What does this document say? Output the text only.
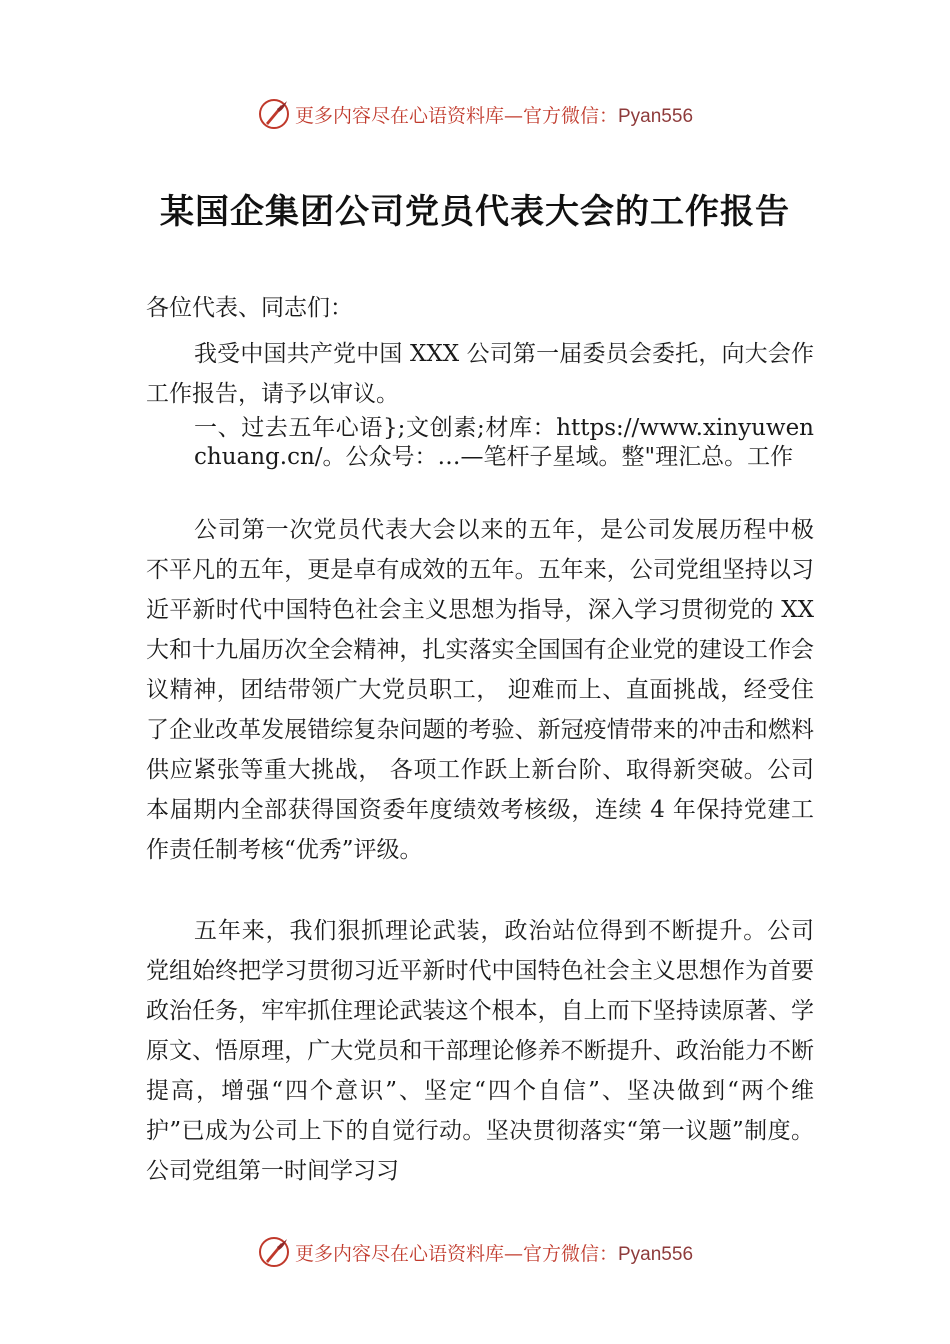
更多内容尽在心语资料库—官方微信：Pyan556
某国企集团公司党员代表大会的工作报告
各位代表、同志们：
我受中国共产党中国 XXX 公司第一届委员会委托，向大会作工作报告，请予以审议。
一、过去五年心语};文创素;材库：https://www.xinyuwenchuang.cn/。公众号：…—笔杆子星域。整"理汇总。工作
公司第一次党员代表大会以来的五年，是公司发展历程中极不平凡的五年，更是卓有成效的五年。五年来，公司党组坚持以习近平新时代中国特色社会主义思想为指导，深入学习贯彻党的 XX 大和十九届历次全会精神，扎实落实全国国有企业党的建设工作会议精神，团结带领广大党员职工， 迎难而上、直面挑战，经受住了企业改革发展错综复杂问题的考验、新冠疫情带来的冲击和燃料供应紧张等重大挑战， 各项工作跃上新台阶、取得新突破。公司本届期内全部获得国资委年度绩效考核级，连续 4 年保持党建工作责任制考核“优秀”评级。
五年来，我们狠抓理论武装，政治站位得到不断提升。公司党组始终把学习贯彻习近平新时代中国特色社会主义思想作为首要政治任务，牢牢抓住理论武装这个根本，自上而下坚持读原著、学原文、悟原理，广大党员和干部理论修养不断提升、政治能力不断提高，增强“四个意识”、坚定“四个自信”、坚决做到“两个维护”已成为公司上下的自觉行动。坚决贯彻落实“第一议题”制度。公司党组第一时间学习习
更多内容尽在心语资料库—官方微信：Pyan556
